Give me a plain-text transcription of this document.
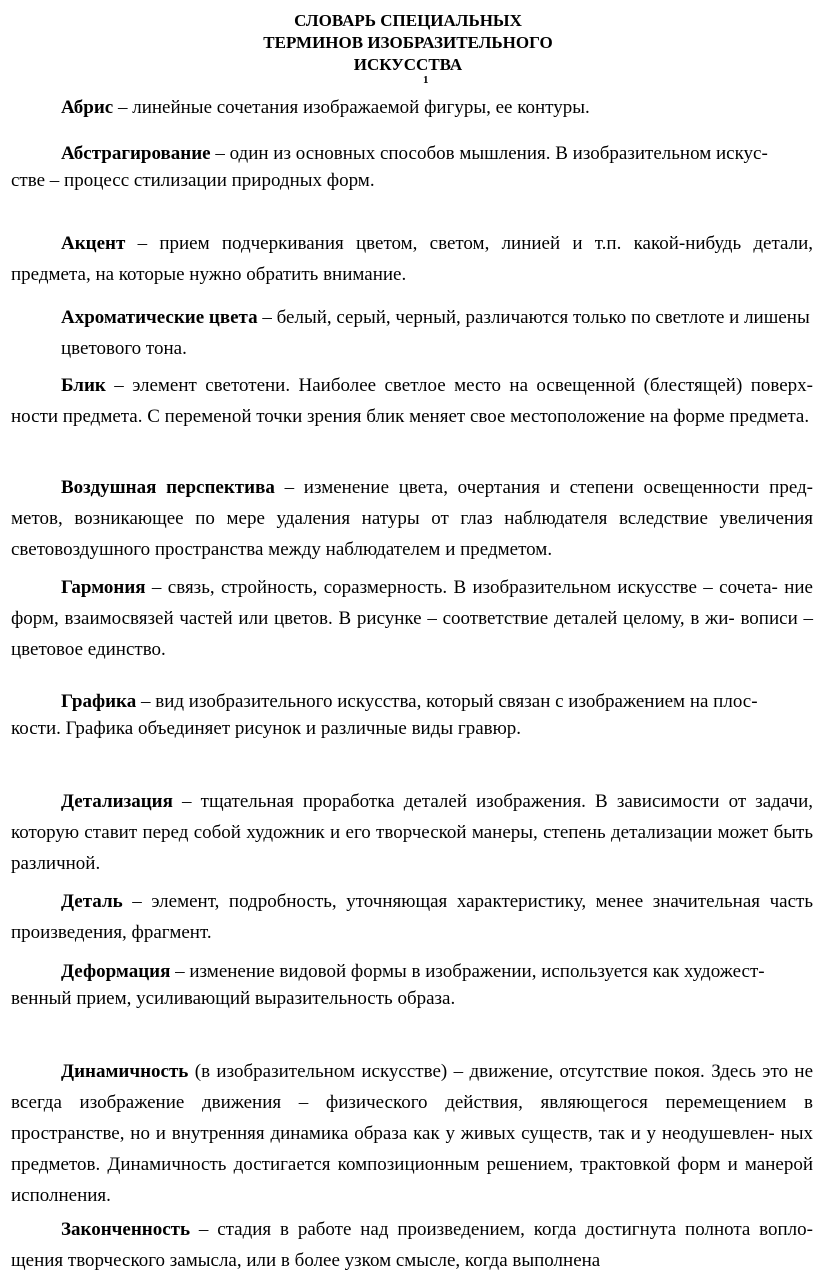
СЛОВАРЬ СПЕЦИАЛЬНЫХ
ТЕРМИНОВ ИЗОБРАЗИТЕЛЬНОГО
ИСКУССТВА
1

Абрис – линейные сочетания изображаемой фигуры, ее контуры.

Абстрагирование – один из основных способов мышления. В изобразительном искус-

стве – процесс стилизации природных форм.

Акцент – прием подчеркивания цветом, светом, линией и т.п. какой-нибудь детали, предмета, на которые нужно обратить внимание.

Ахроматические цвета – белый, серый, черный, различаются только по светлоте и лишены цветового тона.

Блик – элемент светотени. Наиболее светлое место на освещенной (блестящей) поверх- ности предмета. С переменой точки зрения блик меняет свое местоположение на форме предмета.

Воздушная перспектива – изменение цвета, очертания и степени освещенности пред- метов, возникающее по мере удаления натуры от глаз наблюдателя вследствие увеличения световоздушного пространства между наблюдателем и предметом.

Гармония – связь, стройность, соразмерность. В изобразительном искусстве – сочета- ние форм, взаимосвязей частей или цветов. В рисунке – соответствие деталей целому, в жи- вописи – цветовое единство.

Графика – вид изобразительного искусства, который связан с изображением на плос-

кости. Графика объединяет рисунок и различные виды гравюр.

Детализация – тщательная проработка деталей изображения. В зависимости от задачи, которую ставит перед собой художник и его творческой манеры, степень детализации может быть различной.

Деталь – элемент, подробность, уточняющая характеристику, менее значительная часть произведения, фрагмент.

Деформация – изменение видовой формы в изображении, используется как художест-

венный прием, усиливающий выразительность образа.

Динамичность (в изобразительном искусстве) – движение, отсутствие покоя. Здесь это не всегда изображение движения – физического действия, являющегося перемещением в пространстве, но и внутренняя динамика образа как у живых существ, так и у неодушевлен- ных предметов. Динамичность достигается композиционным решением, трактовкой форм и манерой исполнения.

Законченность – стадия в работе над произведением, когда достигнута полнота вопло- щения творческого замысла, или в более узком смысле, когда выполнена
